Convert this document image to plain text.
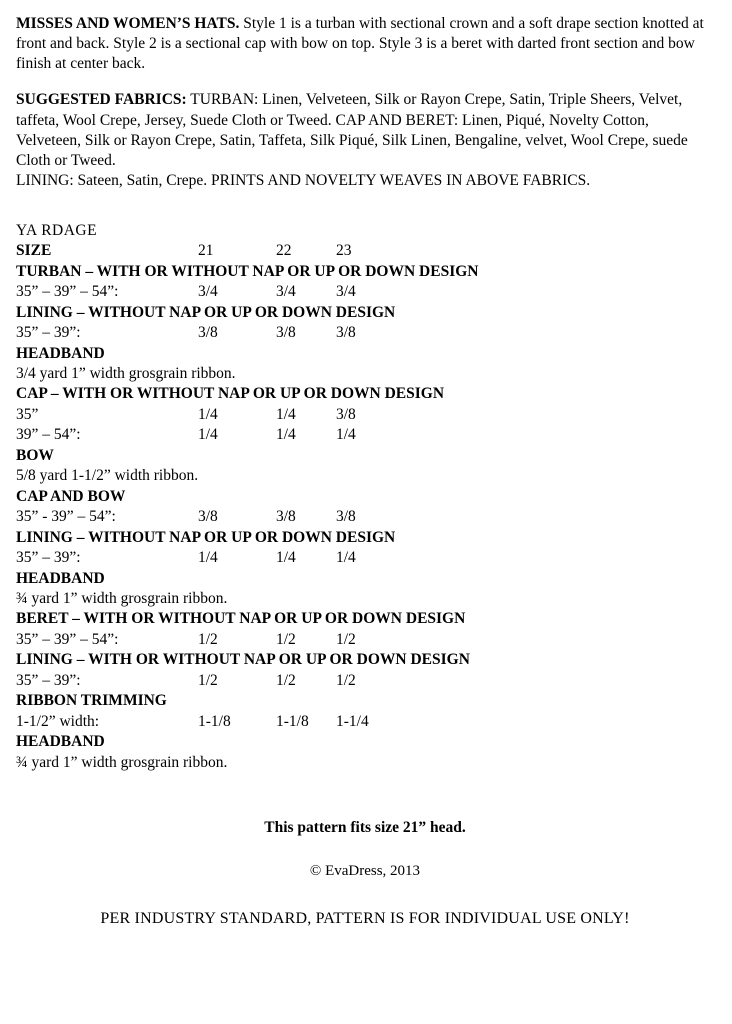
MISSES AND WOMEN’S HATS. Style 1 is a turban with sectional crown and a soft drape section knotted at front and back. Style 2 is a sectional cap with bow on top. Style 3 is a beret with darted front section and bow finish at center back.

SUGGESTED FABRICS: TURBAN: Linen, Velveteen, Silk or Rayon Crepe, Satin, Triple Sheers, Velvet, taffeta, Wool Crepe, Jersey, Suede Cloth or Tweed. CAP AND BERET: Linen, Piqué, Novelty Cotton, Velveteen, Silk or Rayon Crepe, Satin, Taffeta, Silk Piqué, Silk Linen, Bengaline, velvet, Wool Crepe, suede Cloth or Tweed.

LINING: Sateen, Satin, Crepe. PRINTS AND NOVELTY WEAVES IN ABOVE FABRICS.

YA RDAGE
SIZE	21	22	23
TURBAN – WITH OR WITHOUT NAP OR UP OR DOWN DESIGN
35” – 39” – 54”:	3/4	3/4	3/4
LINING – WITHOUT NAP OR UP OR DOWN DESIGN
35” – 39”:	3/8	3/8	3/8
HEADBAND
3/4 yard 1” width grosgrain ribbon.
CAP – WITH OR WITHOUT NAP OR UP OR DOWN DESIGN
35”	1/4	1/4	3/8
39” – 54”:	1/4	1/4	1/4
BOW
5/8 yard 1-1/2” width ribbon.
CAP AND BOW
35” - 39” – 54”:	3/8	3/8	3/8
LINING – WITHOUT NAP OR UP OR DOWN DESIGN
35” – 39”:	1/4	1/4	1/4
HEADBAND
¾ yard 1” width grosgrain ribbon.
BERET – WITH OR WITHOUT NAP OR UP OR DOWN DESIGN
35” – 39” – 54”:	1/2	1/2	1/2
LINING – WITH OR WITHOUT NAP OR UP OR DOWN DESIGN
35” – 39”:	1/2	1/2	1/2
RIBBON TRIMMING
1-1/2” width:	1-1/8	1-1/8	1-1/4
HEADBAND
¾ yard 1” width grosgrain ribbon.
This pattern fits size 21” head.
© EvaDress, 2013
PER INDUSTRY STANDARD, PATTERN IS FOR INDIVIDUAL USE ONLY!
